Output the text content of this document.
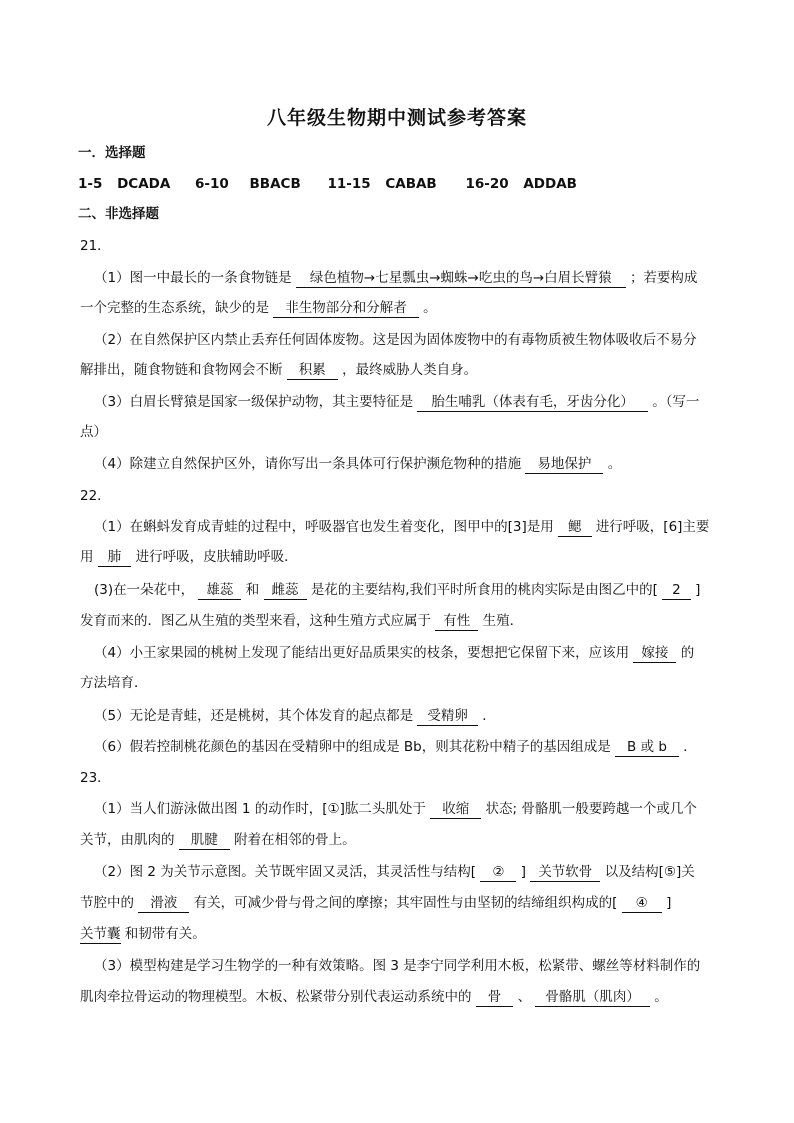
八年级生物期中测试参考答案
一．选择题
1-5 DCADA 6-10 BBACB 11-15 CABAB 16-20 ADDAB
二、非选择题
21．
（1）图一中最长的一条食物链是 绿色植物→七星瓢虫→蜘蛛→吃虫的鸟→白眉长臂猿 ；若要构成
一个完整的生态系统，缺少的是 非生物部分和分解者 。
（2）在自然保护区内禁止丢弃任何固体废物。这是因为固体废物中的有毒物质被生物体吸收后不易分
解排出，随食物链和食物网会不断 积累 ，最终威胁人类自身。
（3）白眉长臂猿是国家一级保护动物，其主要特征是 胎生哺乳（体表有毛，牙齿分化） 。（写一
点）
（4）除建立自然保护区外，请你写出一条具体可行保护濒危物种的措施 易地保护 。
22．
（1）在蝌蚪发育成青蛙的过程中，呼吸器官也发生着变化，图甲中的[3]是用 鳃 进行呼吸，[6]主要
用 肺 进行呼吸，皮肤辅助呼吸．
(3)在一朵花中， 雄蕊 和 雌蕊 是花的主要结构,我们平时所食用的桃肉实际是由图乙中的[ 2 ]
发育而来的．图乙从生殖的类型来看，这种生殖方式应属于 有性 生殖．
（4）小王家果园的桃树上发现了能结出更好品质果实的枝条，要想把它保留下来，应该用 嫁接 的
方法培育．
（5）无论是青蛙，还是桃树，其个体发育的起点都是 受精卵 ．
（6）假若控制桃花颜色的基因在受精卵中的组成是 Bb，则其花粉中精子的基因组成是 B 或 b ．
23．
（1）当人们游泳做出图 1 的动作时，[①]肱二头肌处于 收缩 状态; 骨骼肌一般要跨越一个或几个
关节，由肌肉的 肌腱 附着在相邻的骨上。
（2）图 2 为关节示意图。关节既牢固又灵活，其灵活性与结构[ ② ] 关节软骨 以及结构[⑤]关
节腔中的 滑液 有关，可减少骨与骨之间的摩擦；其牢固性与由坚韧的结缔组织构成的[ ④ ]
关节囊 和韧带有关。
（3）模型构建是学习生物学的一种有效策略。图 3 是李宁同学利用木板，松紧带、螺丝等材料制作的
肌肉牵拉骨运动的物理模型。木板、松紧带分别代表运动系统中的 骨 、 骨骼肌（肌肉） 。
